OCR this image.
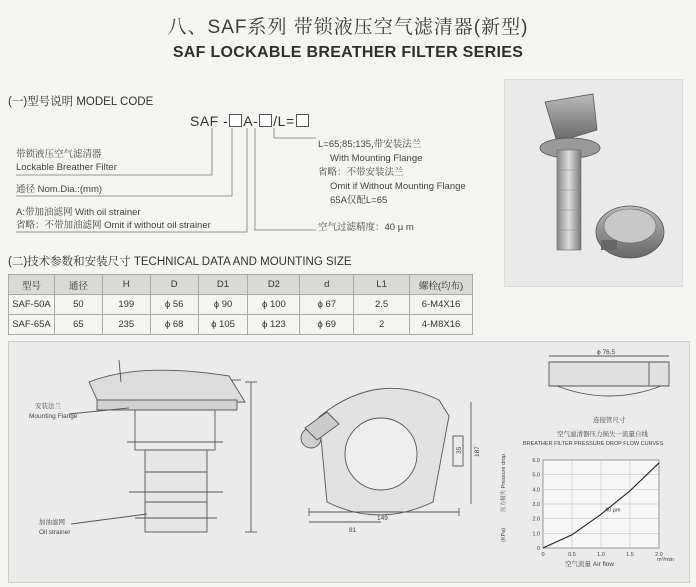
八、SAF系列 带锁液压空气滤清器(新型)
SAF LOCKABLE BREATHER FILTER SERIES
(一)型号说明 MODEL CODE
SAF - A- /L=
带锁液压空气滤清器
Lockable Breather Filter
通径 Nom.Dia.:(mm)
A:带加油滤网 With oil strainer
省略：不带加油滤网 Omit if without oil strainer
L=65;85;135,带安装法兰
With Mounting Flange
省略：不带安装法兰
Omit if Without Mounting Flange
65A仅配L=65
空气过滤精度：40 μ m
(二)技术参数和安装尺寸 TECHNICAL DATA AND MOUNTING SIZE
型号	通径	H	D	D1	D2	d	L1	螺栓(均布)
SAF-50A	50	199	ϕ 56	ϕ 90	ϕ 100	ϕ 67	2.5	6-M4X16
SAF-65A	65	235	ϕ 68	ϕ 105	ϕ 123	ϕ 69	2	4-M8X16
安装法兰
Mounting Flange
加油滤网
Oil strainer	81
149
187
35
ϕ 76.5
连接管尺寸
空气滤清器压力损失一流量自线
BREATHER FILTER PRESSURE DROP FLOW CURVES
压力损失 Pressure drop
(KPa)
空气流量 Air flow
m³/min
0
1.0
2.0
3.0
4.0
5.0
6.0
0	0.5	1.0	1.5	2.0
40 μm
